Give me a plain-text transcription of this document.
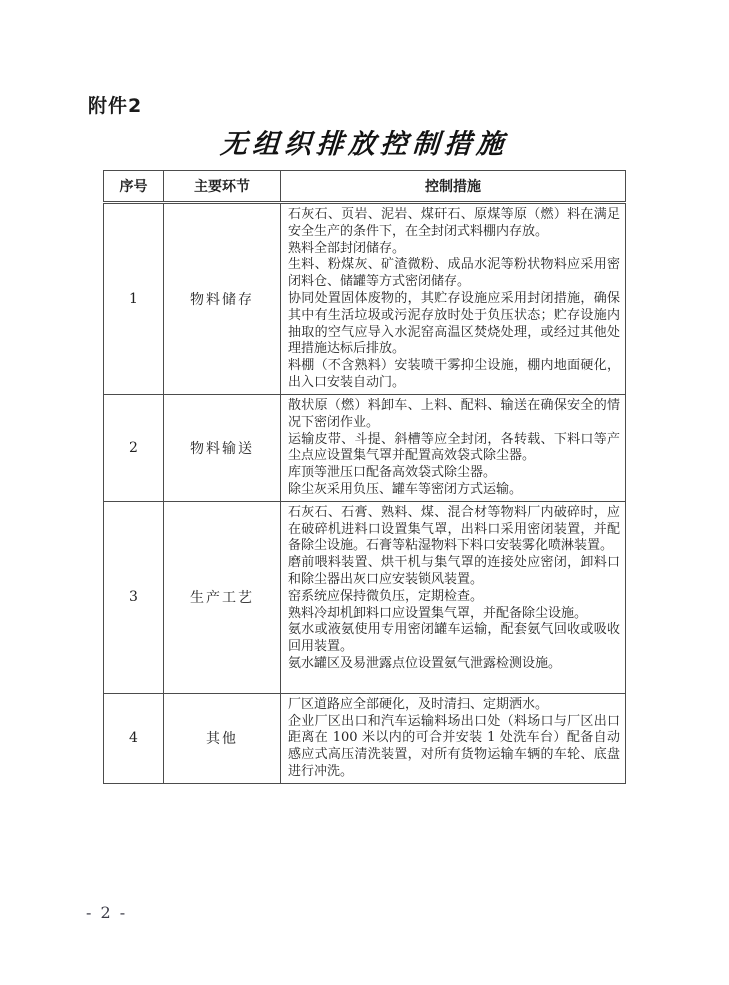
附件2
无组织排放控制措施
序号	主要环节	控制措施
1	物料储存	石灰石、页岩、泥岩、煤矸石、原煤等原（燃）料在满足安全生产的条件下，在全封闭式料棚内存放。

熟料全部封闭储存。

生料、粉煤灰、矿渣微粉、成品水泥等粉状物料应采用密闭料仓、储罐等方式密闭储存。

协同处置固体废物的，其贮存设施应采用封闭措施，确保其中有生活垃圾或污泥存放时处于负压状态；贮存设施内抽取的空气应导入水泥窑高温区焚烧处理，或经过其他处理措施达标后排放。

料棚（不含熟料）安装喷干雾抑尘设施，棚内地面硬化，出入口安装自动门。

2	物料输送	散状原（燃）料卸车、上料、配料、输送在确保安全的情况下密闭作业。

运输皮带、斗提、斜槽等应全封闭，各转载、下料口等产尘点应设置集气罩并配置高效袋式除尘器。

库顶等泄压口配备高效袋式除尘器。

除尘灰采用负压、罐车等密闭方式运输。

3	生产工艺	

石灰石、石膏、熟料、煤、混合材等物料厂内破碎时，应在破碎机进料口设置集气罩，出料口采用密闭装置，并配备除尘设施。石膏等粘湿物料下料口安装雾化喷淋装置。

磨前喂料装置、烘干机与集气罩的连接处应密闭，卸料口和除尘器出灰口应安装锁风装置。

窑系统应保持微负压，定期检查。

熟料冷却机卸料口应设置集气罩，并配备除尘设施。

氨水或液氨使用专用密闭罐车运输，配套氨气回收或吸收回用装置。

氨水罐区及易泄露点位设置氨气泄露检测设施。

4	其他	厂区道路应全部硬化，及时清扫、定期洒水。

企业厂区出口和汽车运输料场出口处（料场口与厂区出口距离在 100 米以内的可合并安装 1 处洗车台）配备自动感应式高压清洗装置，对所有货物运输车辆的车轮、底盘进行冲洗。

- 2 -
